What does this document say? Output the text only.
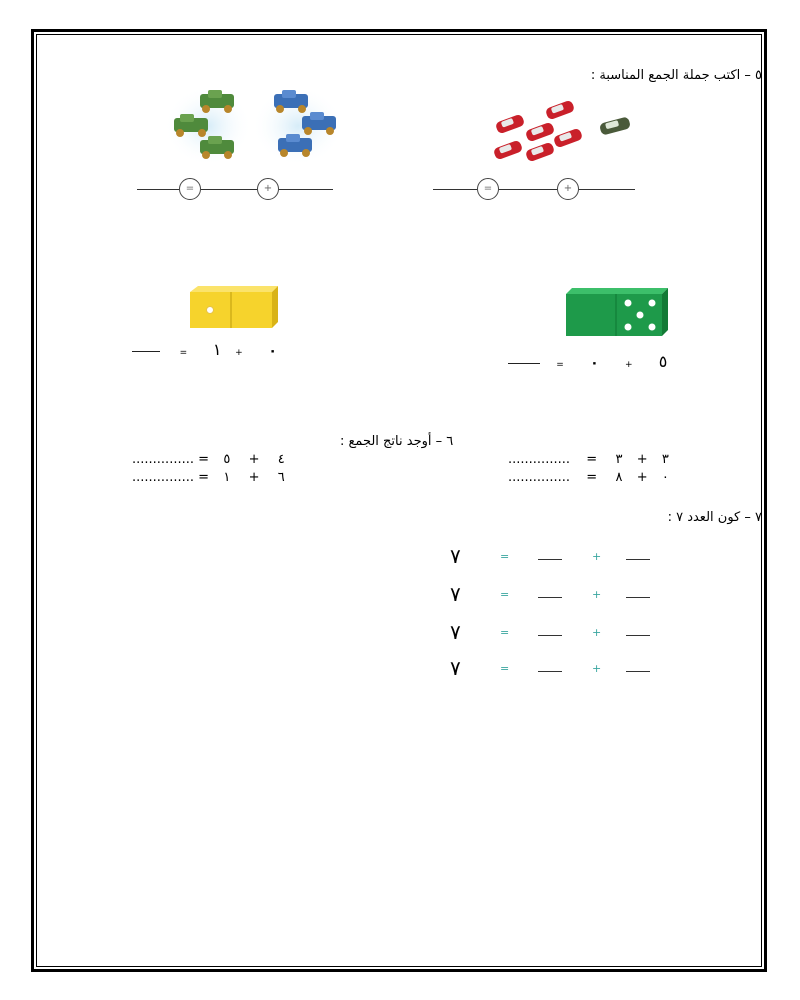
٥ – اكتب جملة الجمع المناسبة :
=	+	=	+
= ١ + ٠
= ٠	+ ٥
٦ – أوجد ناتج الجمع :
............... = ٥ + ٤
............... = ١ + ٦
............... = ٣ + ٣
............... = ٨ + ٠
٧ – كون العدد ٧ :
٧	=	+
٧	=	+
٧	=	+
٧	=	+
